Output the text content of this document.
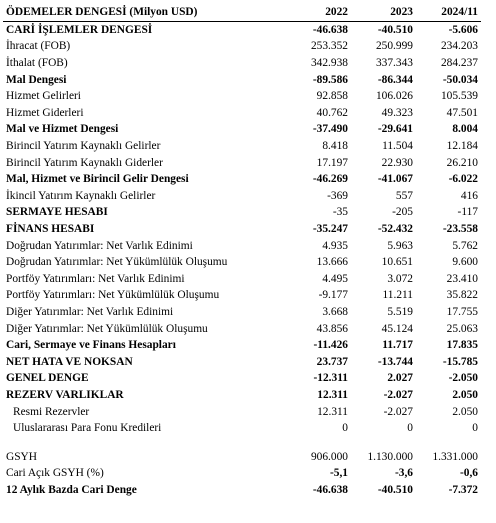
ÖDEMELER DENGESİ (Milyon USD)	2022	2023	2024/11
CARİ İŞLEMLER DENGESİ	-46.638	-40.510	-5.606
İhracat (FOB)	253.352	250.999	234.203
İthalat (FOB)	342.938	337.343	284.237
Mal Dengesi	-89.586	-86.344	-50.034
Hizmet Gelirleri	92.858	106.026	105.539
Hizmet Giderleri	40.762	49.323	47.501
Mal ve Hizmet Dengesi	-37.490	-29.641	8.004
Birincil Yatırım Kaynaklı Gelirler	8.418	11.504	12.184
Birincil Yatırım Kaynaklı Giderler	17.197	22.930	26.210
Mal, Hizmet ve Birincil Gelir Dengesi	-46.269	-41.067	-6.022
İkincil Yatırım Kaynaklı Gelirler	-369	557	416
SERMAYE HESABI	-35	-205	-117
FİNANS HESABI	-35.247	-52.432	-23.558
Doğrudan Yatırımlar: Net Varlık Edinimi	4.935	5.963	5.762
Doğrudan Yatırımlar: Net Yükümlülük Oluşumu	13.666	10.651	9.600
Portföy Yatırımları: Net Varlık Edinimi	4.495	3.072	23.410
Portföy Yatırımları: Net Yükümlülük Oluşumu	-9.177	11.211	35.822
Diğer Yatırımlar: Net Varlık Edinimi	3.668	5.519	17.755
Diğer Yatırımlar: Net Yükümlülük Oluşumu	43.856	45.124	25.063
Cari, Sermaye ve Finans Hesapları	-11.426	11.717	17.835
NET HATA VE NOKSAN	23.737	-13.744	-15.785
GENEL DENGE	-12.311	2.027	-2.050
REZERV VARLIKLAR	12.311	-2.027	2.050
Resmi Rezervler	12.311	-2.027	2.050
Uluslararası Para Fonu Kredileri	0	0	0

GSYH	906.000	1.130.000	1.331.000
Cari Açık GSYH (%)	-5,1	-3,6	-0,6
12 Aylık Bazda Cari Denge	-46.638	-40.510	-7.372
